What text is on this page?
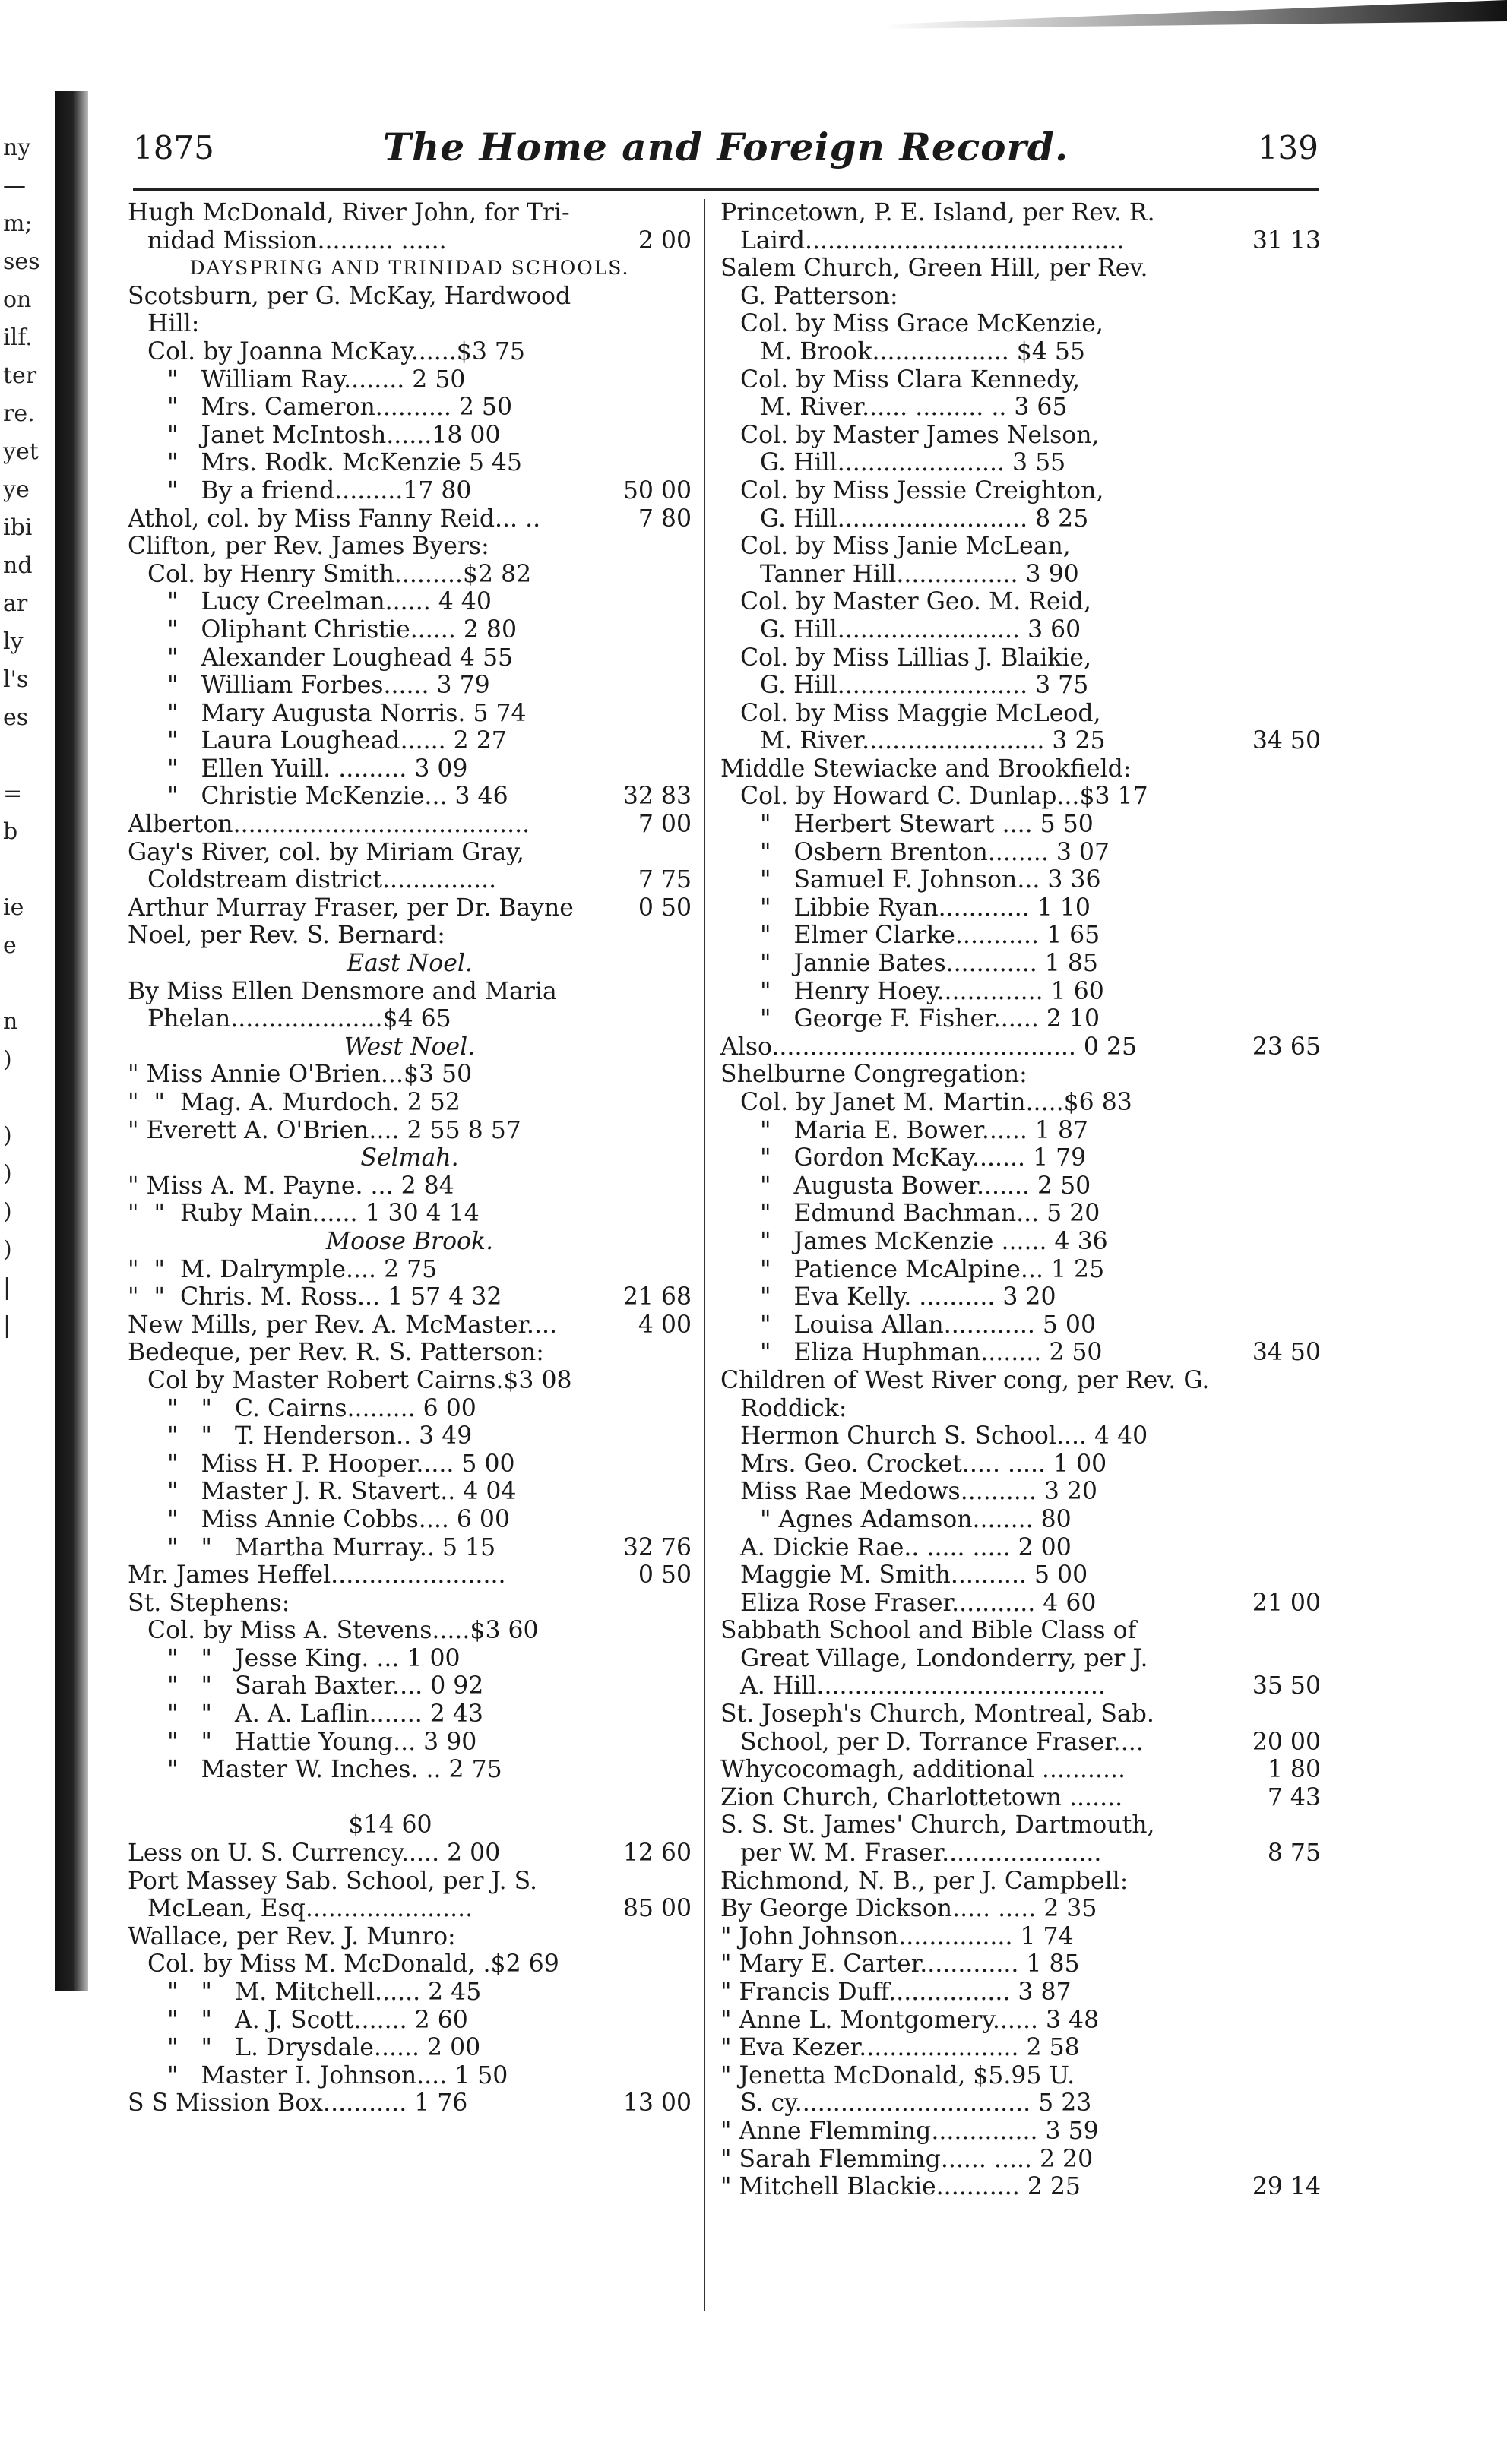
ny
—
m;
ses
on
ilf.
ter
re.
yet
ye
ibi
nd
ar
ly
l's
es
=
b
ie
e
n
)
)
)
)
)
|
|
1875	The Home and Foreign Record.	139
Hugh McDonald, River John, for Tri-
nidad Mission.......... ......	2 00
DAYSPRING AND TRINIDAD SCHOOLS.
Scotsburn, per G. McKay, Hardwood
Hill:
Col. by Joanna McKay......$3 75
"   William Ray........ 2 50
"   Mrs. Cameron.......... 2 50
"   Janet McIntosh......18 00
"   Mrs. Rodk. McKenzie 5 45
"   By a friend.........17 80	50 00
Athol, col. by Miss Fanny Reid... ..	7 80
Clifton, per Rev. James Byers:
Col. by Henry Smith.........$2 82
"   Lucy Creelman...... 4 40
"   Oliphant Christie...... 2 80
"   Alexander Loughead 4 55
"   William Forbes...... 3 79
"   Mary Augusta Norris. 5 74
"   Laura Loughead...... 2 27
"   Ellen Yuill. ......... 3 09
"   Christie McKenzie... 3 46	32 83
Alberton.......................................	7 00
Gay's River, col. by Miriam Gray,
Coldstream district...............	7 75
Arthur Murray Fraser, per Dr. Bayne	0 50
Noel, per Rev. S. Bernard:
East Noel.
By Miss Ellen Densmore and Maria
Phelan....................$4 65
West Noel.
" Miss Annie O'Brien...$3 50
"  "  Mag. A. Murdoch. 2 52
" Everett A. O'Brien.... 2 55 8 57
Selmah.
" Miss A. M. Payne. ... 2 84
"  "  Ruby Main...... 1 30 4 14
Moose Brook.
"  "  M. Dalrymple.... 2 75
"  "  Chris. M. Ross... 1 57 4 32	21 68
New Mills, per Rev. A. McMaster....	4 00
Bedeque, per Rev. R. S. Patterson:
Col by Master Robert Cairns.$3 08
"   "   C. Cairns......... 6 00
"   "   T. Henderson.. 3 49
"   Miss H. P. Hooper..... 5 00
"   Master J. R. Stavert.. 4 04
"   Miss Annie Cobbs.... 6 00
"   "   Martha Murray.. 5 15	32 76
Mr. James Heffel.......................	0 50
St. Stephens:
Col. by Miss A. Stevens.....$3 60
"   "   Jesse King. ... 1 00
"   "   Sarah Baxter.... 0 92
"   "   A. A. Laflin....... 2 43
"   "   Hattie Young... 3 90
"   Master W. Inches. .. 2 75
$14 60
Less on U. S. Currency..... 2 00	12 60
Port Massey Sab. School, per J. S.
McLean, Esq......................	85 00
Wallace, per Rev. J. Munro:
Col. by Miss M. McDonald, .$2 69
"   "   M. Mitchell...... 2 45
"   "   A. J. Scott....... 2 60
"   "   L. Drysdale...... 2 00
"   Master I. Johnson.... 1 50
S S Mission Box........... 1 76	13 00
Princetown, P. E. Island, per Rev. R.
Laird..........................................	31 13
Salem Church, Green Hill, per Rev.
G. Patterson:
Col. by Miss Grace McKenzie,
M. Brook.................. $4 55
Col. by Miss Clara Kennedy,
M. River...... ......... .. 3 65
Col. by Master James Nelson,
G. Hill...................... 3 55
Col. by Miss Jessie Creighton,
G. Hill......................... 8 25
Col. by Miss Janie McLean,
Tanner Hill................ 3 90
Col. by Master Geo. M. Reid,
G. Hill........................ 3 60
Col. by Miss Lillias J. Blaikie,
G. Hill......................... 3 75
Col. by Miss Maggie McLeod,
M. River........................ 3 25	34 50
Middle Stewiacke and Brookfield:
Col. by Howard C. Dunlap...$3 17
"   Herbert Stewart .... 5 50
"   Osbern Brenton........ 3 07
"   Samuel F. Johnson... 3 36
"   Libbie Ryan............ 1 10
"   Elmer Clarke........... 1 65
"   Jannie Bates............ 1 85
"   Henry Hoey.............. 1 60
"   George F. Fisher...... 2 10
Also........................................ 0 25	23 65
Shelburne Congregation:
Col. by Janet M. Martin.....$6 83
"   Maria E. Bower...... 1 87
"   Gordon McKay....... 1 79
"   Augusta Bower....... 2 50
"   Edmund Bachman... 5 20
"   James McKenzie ...... 4 36
"   Patience McAlpine... 1 25
"   Eva Kelly. .......... 3 20
"   Louisa Allan............ 5 00
"   Eliza Huphman........ 2 50	34 50
Children of West River cong, per Rev. G.
Roddick:
Hermon Church S. School.... 4 40
Mrs. Geo. Crocket..... ..... 1 00
Miss Rae Medows.......... 3 20
" Agnes Adamson........ 80
A. Dickie Rae.. ..... ..... 2 00
Maggie M. Smith.......... 5 00
Eliza Rose Fraser........... 4 60	21 00
Sabbath School and Bible Class of
Great Village, Londonderry, per J.
A. Hill......................................	35 50
St. Joseph's Church, Montreal, Sab.
School, per D. Torrance Fraser....	20 00
Whycocomagh, additional ...........	1 80
Zion Church, Charlottetown .......	7 43
S. S. St. James' Church, Dartmouth,
per W. M. Fraser.....................	8 75
Richmond, N. B., per J. Campbell:
By George Dickson..... ..... 2 35
" John Johnson............... 1 74
" Mary E. Carter............. 1 85
" Francis Duff................ 3 87
" Anne L. Montgomery...... 3 48
" Eva Kezer..................... 2 58
" Jenetta McDonald, $5.95 U.
S. cy............................... 5 23
" Anne Flemming.............. 3 59
" Sarah Flemming...... ..... 2 20
" Mitchell Blackie........... 2 25	29 14
